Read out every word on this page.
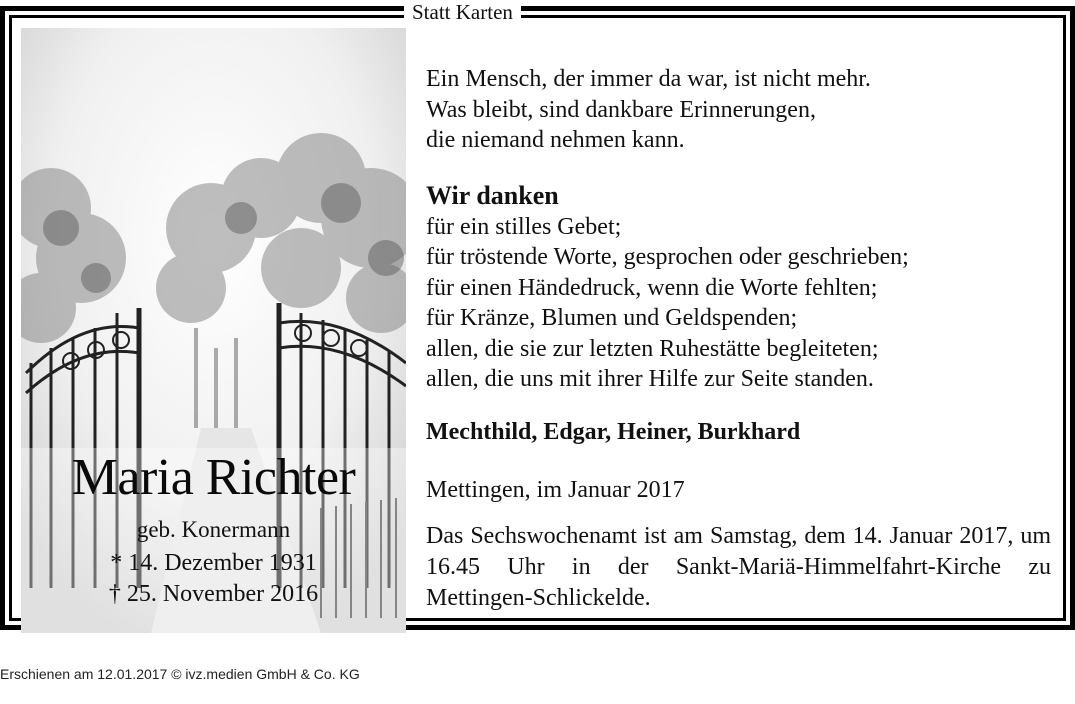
Maria Richter
geb. Konermann
* 14. Dezember 1931
† 25. November 2016

Ein Mensch, der immer da war, ist nicht mehr.

Was bleibt, sind dankbare Erinnerungen,

die niemand nehmen kann.

Wir danken

für ein stilles Gebet;

für tröstende Worte, gesprochen oder geschrieben;

für einen Händedruck, wenn die Worte fehlten;

für Kränze, Blumen und Geldspenden;

allen, die sie zur letzten Ruhestätte begleiteten;

allen, die uns mit ihrer Hilfe zur Seite standen.

Mechthild, Edgar, Heiner, Burkhard
Mettingen, im Januar 2017
Das Sechswochenamt ist am Samstag, dem 14. Januar 2017, um 16.45 Uhr in der Sankt-Mariä-Himmelfahrt-Kirche zu Mettingen-Schlickelde.
Statt Karten
Erschienen am 12.01.2017 © ivz.medien GmbH & Co. KG
